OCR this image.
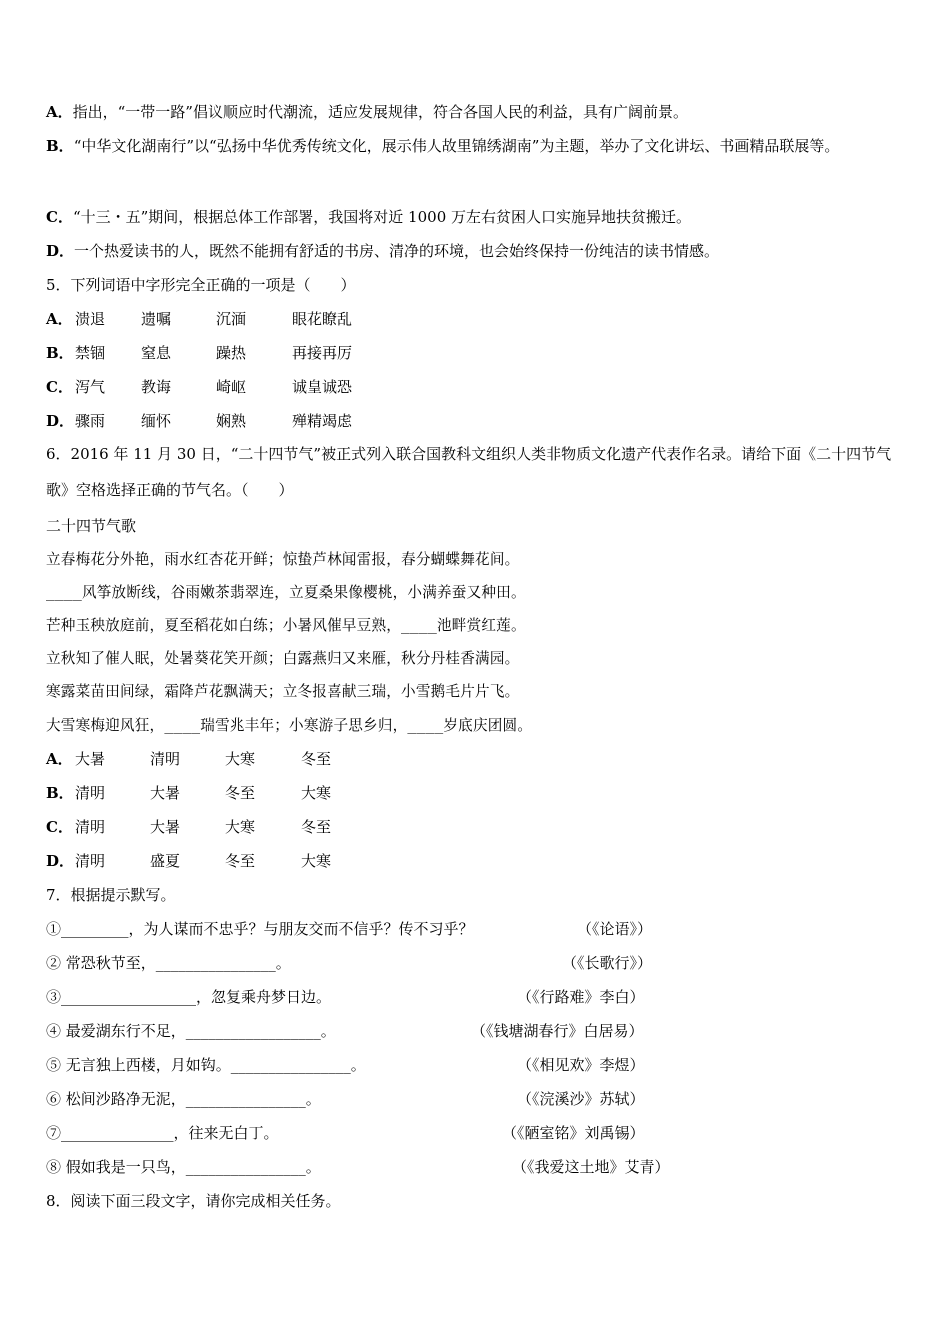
A．指出，“一带一路”倡议顺应时代潮流，适应发展规律，符合各国人民的利益，具有广阔前景。
B．“中华文化湖南行”以“弘扬中华优秀传统文化，展示伟人故里锦绣湖南”为主题，举办了文化讲坛、书画精品联展等。
C．“十三・五”期间，根据总体工作部署，我国将对近 1000 万左右贫困人口实施异地扶贫搬迁。
D．一个热爱读书的人，既然不能拥有舒适的书房、清净的环境，也会始终保持一份纯洁的读书情感。
5．下列词语中字形完全正确的一项是（　　）
A． 溃退 遗嘱	沉湎	眼花瞭乱
B． 禁锢 窒息	躁热	再接再厉
C． 泻气 教诲	崎岖	诚皇诚恐
D． 骤雨 缅怀	娴熟	殚精竭虑
6．2016 年 11 月 30 日，“二十四节气”被正式列入联合国教科文组织人类非物质文化遗产代表作名录。请给下面《二十四节气歌》空格选择正确的节气名。（　　）
二十四节气歌
立春梅花分外艳，雨水红杏花开鲜；惊蛰芦林闻雷报，春分蝴蝶舞花间。
____风筝放断线，谷雨嫩茶翡翠连，立夏桑果像樱桃，小满养蚕又种田。
芒种玉秧放庭前，夏至稻花如白练；小暑风催早豆熟，____池畔赏红莲。
立秋知了催人眠，处暑葵花笑开颜；白露燕归又来雁，秋分丹桂香满园。
寒露菜苗田间绿，霜降芦花飘满天；立冬报喜献三瑞，小雪鹅毛片片飞。
大雪寒梅迎风狂，____瑞雪兆丰年；小寒游子思乡归，____岁底庆团圆。
A． 大暑	清明	大寒	冬至
B． 清明	大暑	冬至	大寒
C． 清明	大暑	大寒	冬至
D． 清明	盛夏	冬至	大寒
7．根据提示默写。
①_________，为人谋而不忠乎？与朋友交而不信乎？传不习乎？	（《论语》）
② 常恐秋节至，________________。	（《长歌行》）
③__________________，忽复乘舟梦日边。	（《行路难》李白）
④ 最爱湖东行不足，__________________。	（《钱塘湖春行》白居易）
⑤ 无言独上西楼，月如钩。________________。	（《相见欢》李煜）
⑥ 松间沙路净无泥，________________。	（《浣溪沙》苏轼）
⑦_______________，往来无白丁。	（《陋室铭》刘禹锡）
⑧ 假如我是一只鸟，________________。	（《我爱这土地》艾青）
8．阅读下面三段文字，请你完成相关任务。
